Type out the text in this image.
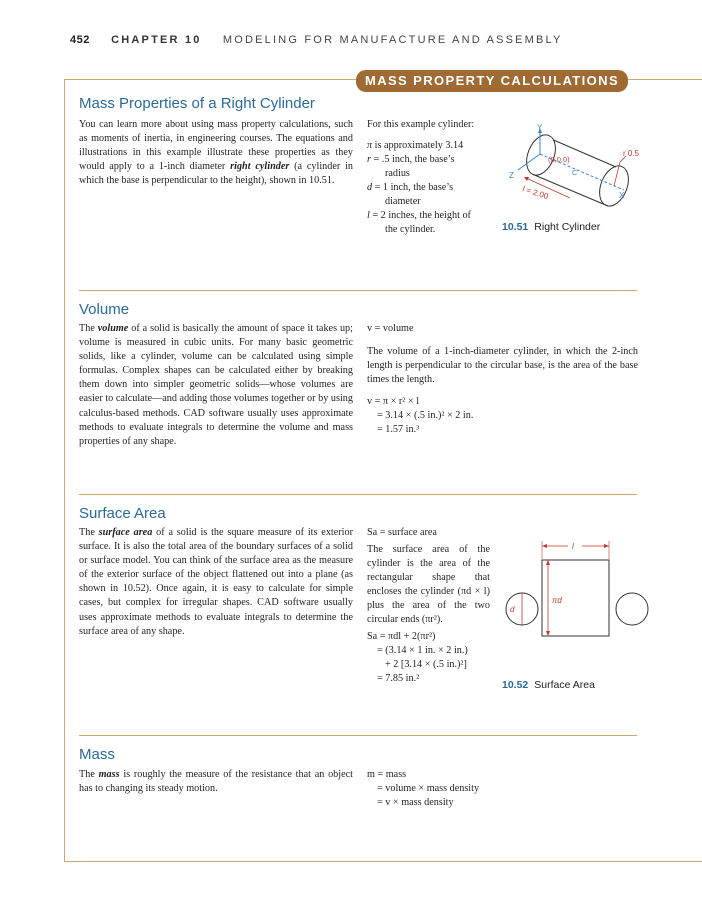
452 CHAPTER 10 MODELING FOR MANUFACTURE AND ASSEMBLY
MASS PROPERTY CALCULATIONS
Mass Properties of a Right Cylinder
You can learn more about using mass property calculations, such as moments of inertia, in engineering courses. The equations and illustrations in this example illustrate these properties as they would apply to a 1-inch diameter right cylinder (a cylinder in which the base is perpendicular to the height), shown in 10.51.
For this example cylinder:
π is approximately 3.14
r = .5 inch, the base’s
radius
d = 1 inch, the base’s
diameter
l = 2 inches, the height of
the cylinder.
Y
Z
X
(0,0,0)
C
r 0.5
l = 2.00
10.51 Right Cylinder
Volume
The volume of a solid is basically the amount of space it takes up; volume is measured in cubic units. For many basic geometric solids, like a cylinder, volume can be calculated using simple formulas. Complex shapes can be calculated either by breaking them down into simpler geometric solids—whose volumes are easier to calculate—and adding those volumes together or by using calculus-based methods. CAD software usually uses approximate methods to evaluate integrals to determine the volume and mass properties of any shape.
v = volume
The volume of a 1-inch-diameter cylinder, in which the 2-inch length is perpendicular to the circular base, is the area of the base times the length.
v = π × r² × l
= 3.14 × (.5 in.)² × 2 in.
= 1.57 in.³
Surface Area
The surface area of a solid is the square measure of its exterior surface. It is also the total area of the boundary surfaces of a solid or surface model. You can think of the surface area as the measure of the exterior surface of the object flattened out into a plane (as shown in 10.52). Once again, it is easy to calculate for simple cases, but complex for irregular shapes. CAD software usually uses approximate methods to evaluate integrals to determine the surface area of any shape.
Sa = surface area
The surface area of the cylinder is the area of the rectangular shape that encloses the cylinder (πd × l) plus the area of the two circular ends (πr²).
Sa = πdl + 2(πr²)
= (3.14 × 1 in. × 2 in.)
+ 2 [3.14 × (.5 in.)²]
= 7.85 in.²
l
πd
d
10.52 Surface Area
Mass
The mass is roughly the measure of the resistance that an object has to changing its steady motion.
m = mass
= volume × mass density
= v × mass density
